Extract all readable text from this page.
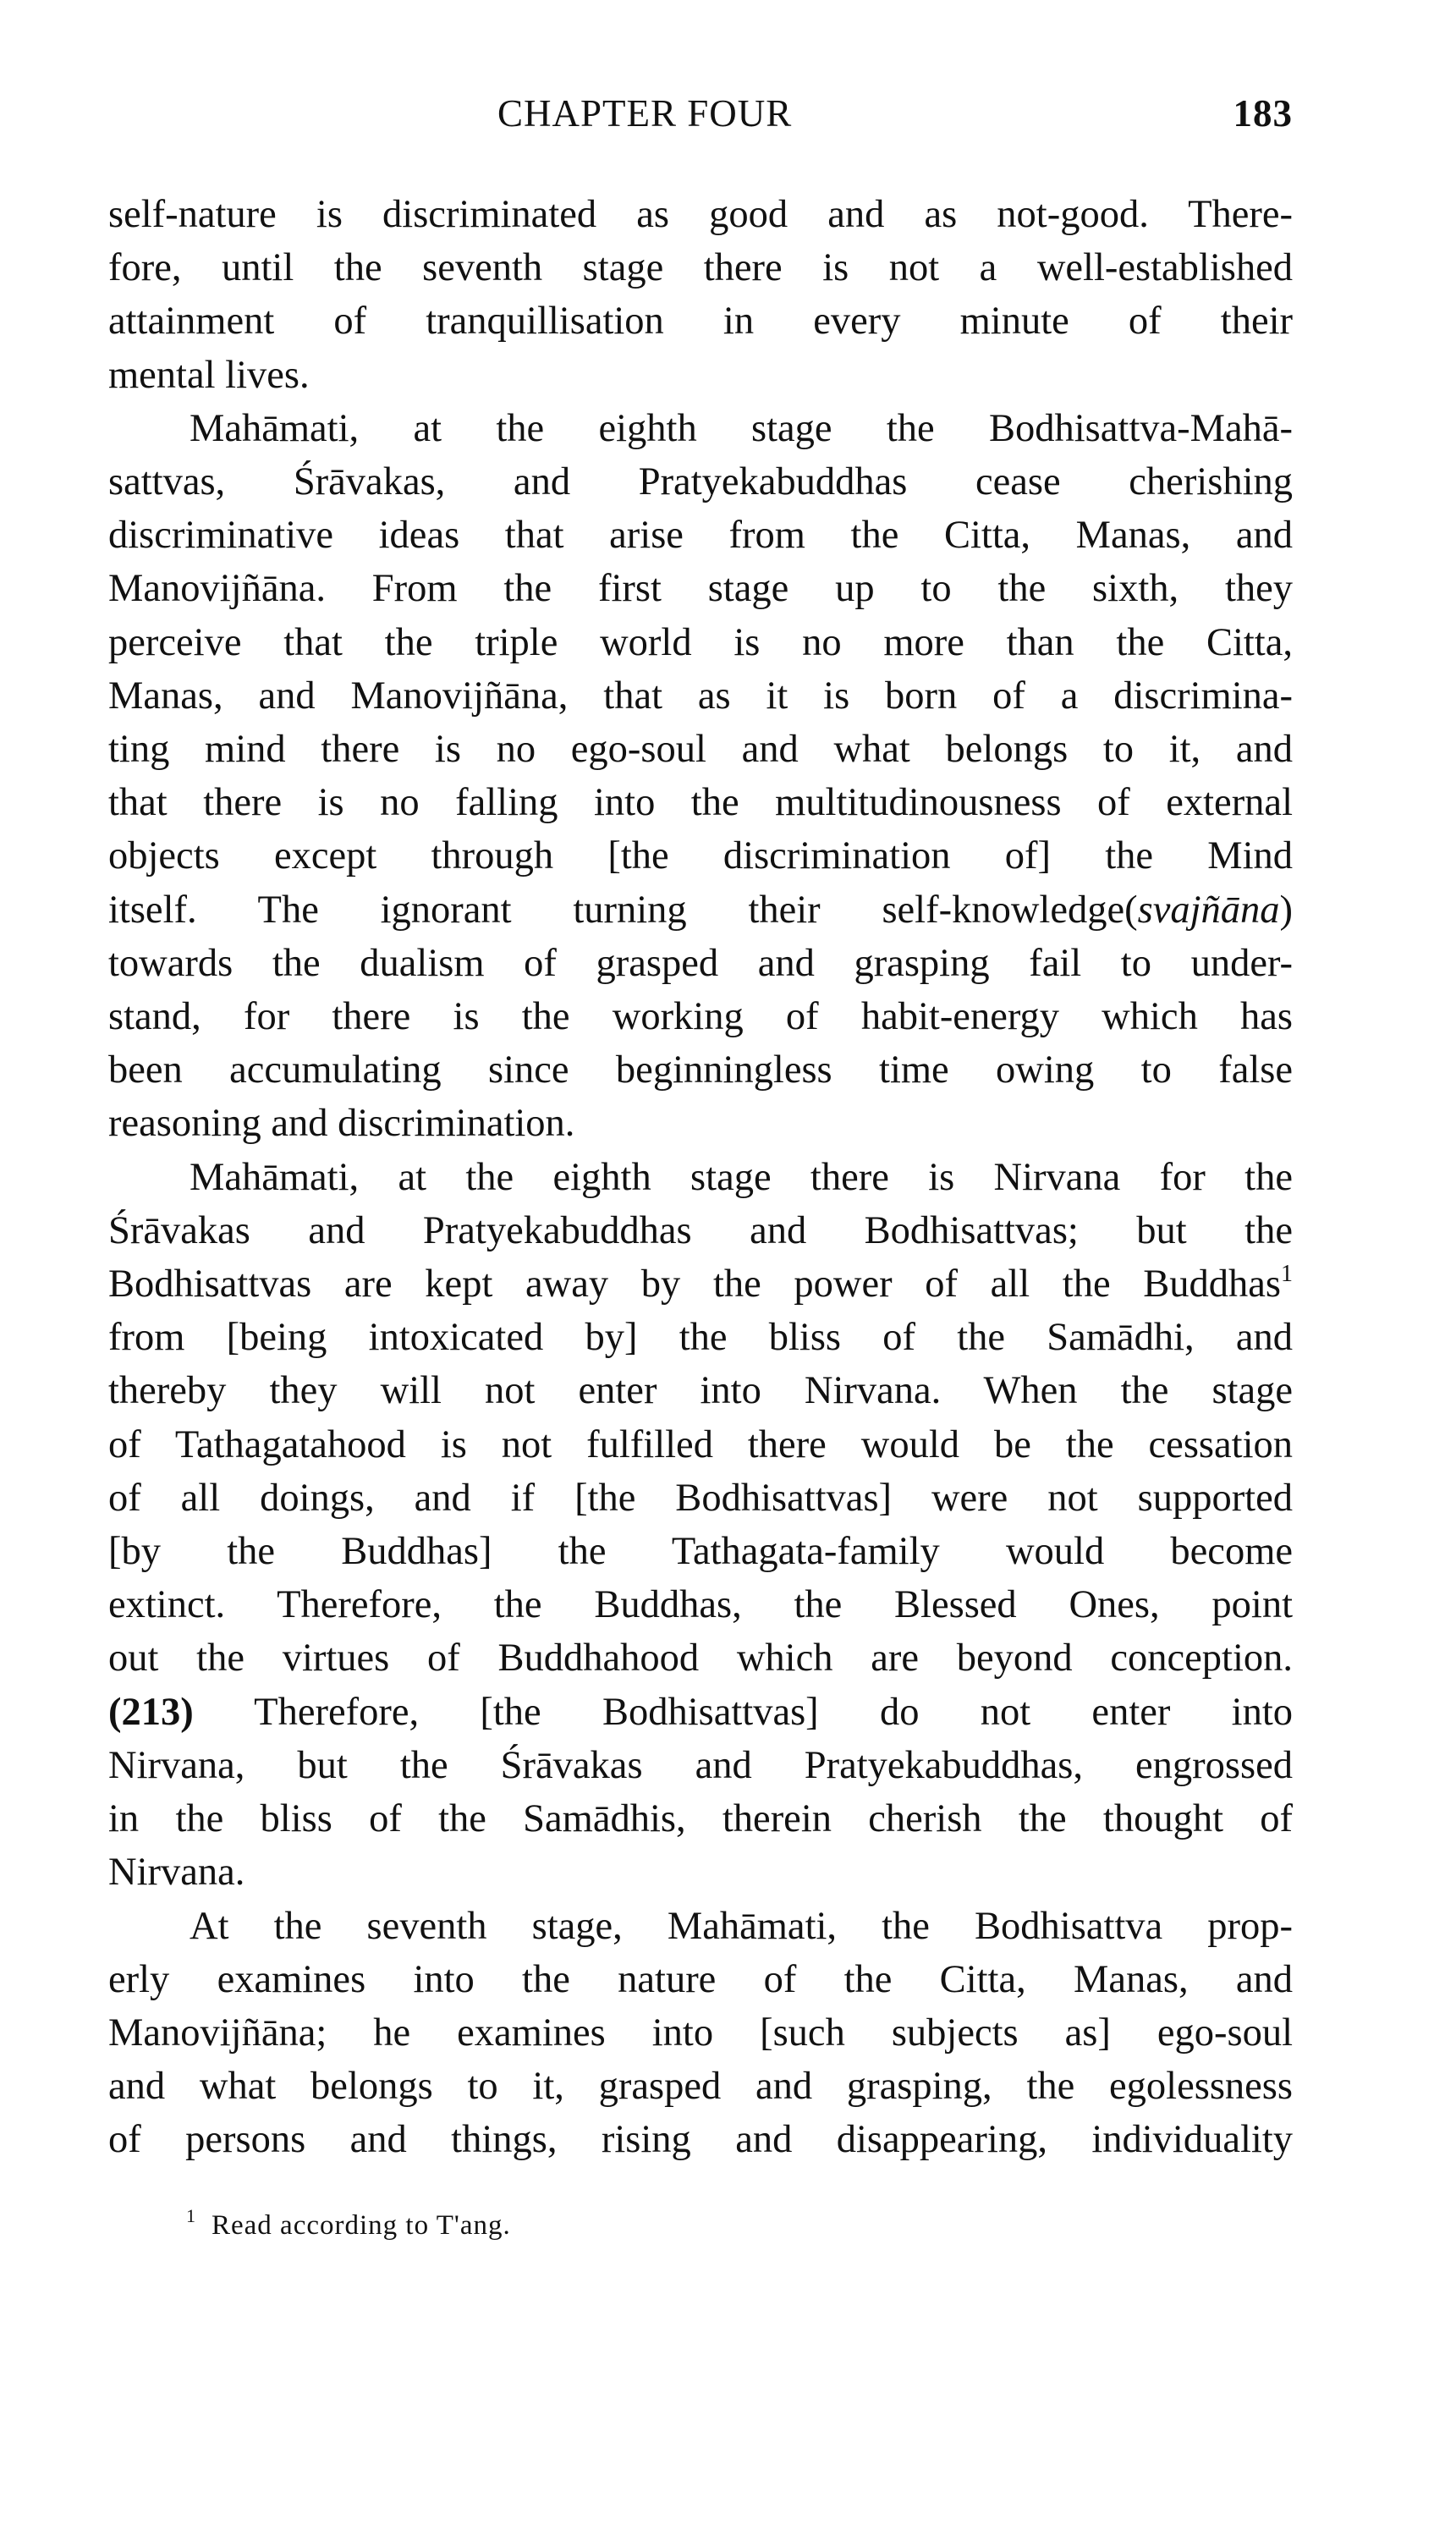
CHAPTER FOUR	183

self-nature is discriminated as good and as not-good. There-
fore, until the seventh stage there is not a well-established
attainment of tranquillisation in every minute of their
mental lives.

Mahāmati, at the eighth stage the Bodhisattva-Mahā-
sattvas, Śrāvakas, and Pratyekabuddhas cease cherishing
discriminative ideas that arise from the Citta, Manas, and
Manovijñāna. From the first stage up to the sixth, they
perceive that the triple world is no more than the Citta,
Manas, and Manovijñāna, that as it is born of a discrimina-
ting mind there is no ego-soul and what belongs to it, and
that there is no falling into the multitudinousness of external
objects except through [the discrimination of] the Mind
itself. The ignorant turning their self-knowledge(svajñāna)
towards the dualism of grasped and grasping fail to under-
stand, for there is the working of habit-energy which has
been accumulating since beginningless time owing to false
reasoning and discrimination.

Mahāmati, at the eighth stage there is Nirvana for the
Śrāvakas and Pratyekabuddhas and Bodhisattvas; but the
Bodhisattvas are kept away by the power of all the Buddhas$^1$
from [being intoxicated by] the bliss of the Samādhi, and
thereby they will not enter into Nirvana. When the stage
of Tathagatahood is not fulfilled there would be the cessation
of all doings, and if [the Bodhisattvas] were not supported
[by the Buddhas] the Tathagata-family would become
extinct. Therefore, the Buddhas, the Blessed Ones, point
out the virtues of Buddhahood which are beyond conception.
(213) Therefore, [the Bodhisattvas] do not enter into
Nirvana, but the Śrāvakas and Pratyekabuddhas, engrossed
in the bliss of the Samādhis, therein cherish the thought of
Nirvana.

At the seventh stage, Mahāmati, the Bodhisattva prop-
erly examines into the nature of the Citta, Manas, and
Manovijñāna; he examines into [such subjects as] ego-soul
and what belongs to it, grasped and grasping, the egolessness
of persons and things, rising and disappearing, individuality

$^1$ Read according to T'ang.
